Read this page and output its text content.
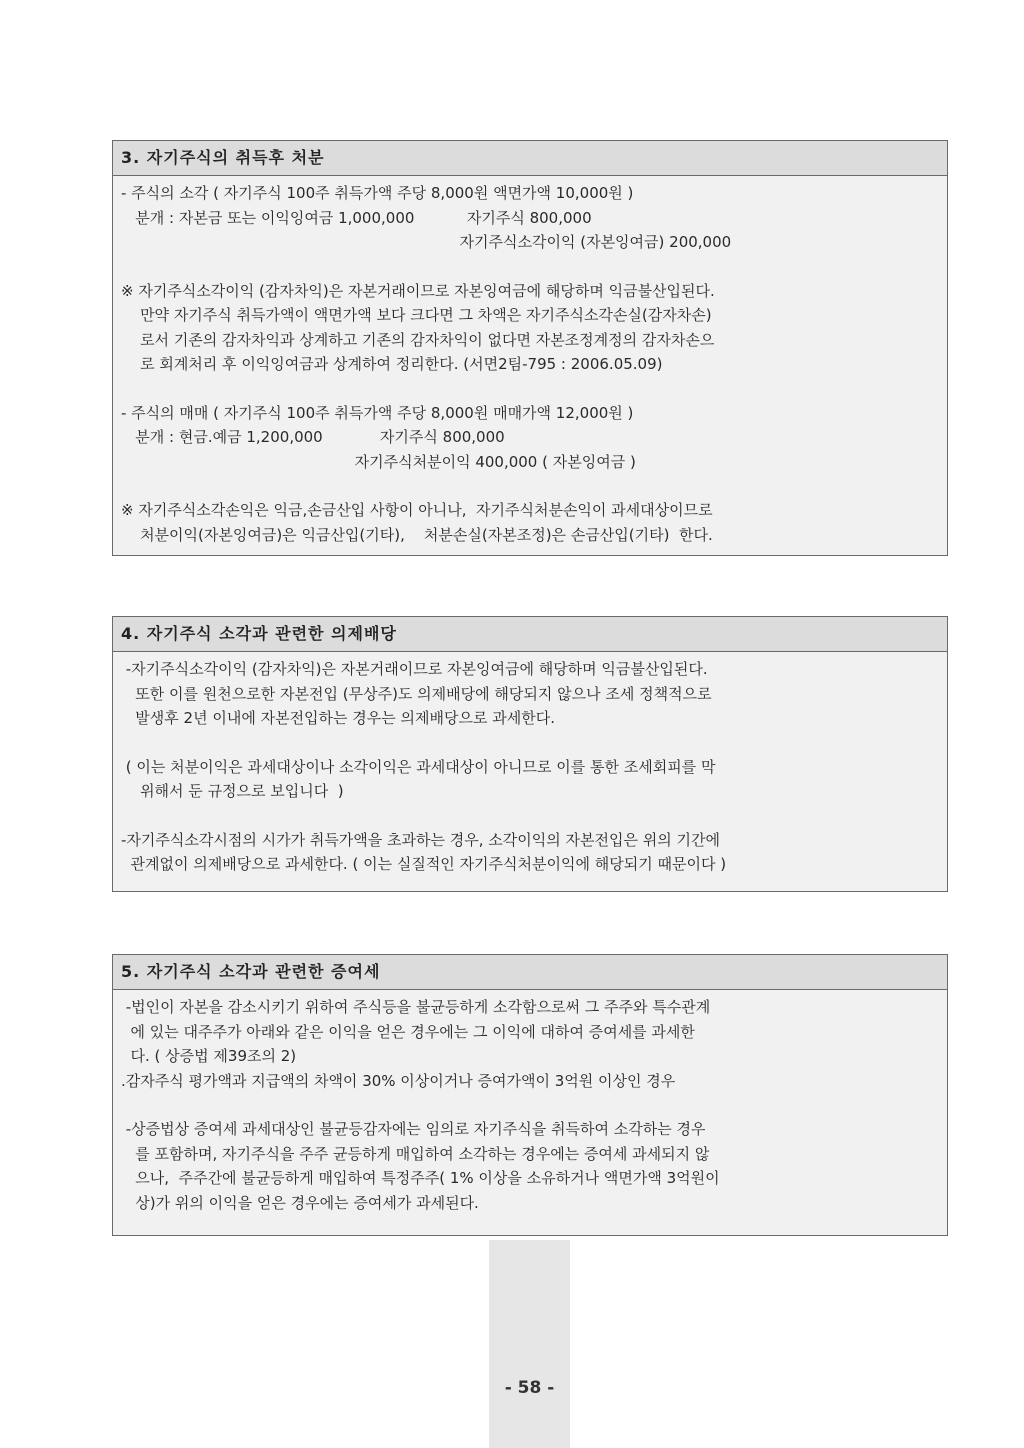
3. 자기주식의 취득후 처분
- 주식의 소각 ( 자기주식 100주 취득가액 주당 8,000원 액면가액 10,000원 )
분개 : 자본금 또는 이익잉여금 1,000,000           자기주식 800,000
자기주식소각이익 (자본잉여금) 200,000
※ 자기주식소각이익 (감자차익)은 자본거래이므로 자본잉여금에 해당하며 익금불산입된다.
만약 자기주식 취득가액이 액면가액 보다 크다면 그 차액은 자기주식소각손실(감자차손)
로서 기존의 감자차익과 상계하고 기존의 감자차익이 없다면 자본조정계정의 감자차손으
로 회계처리 후 이익잉여금과 상계하여 정리한다. (서면2팀-795 : 2006.05.09)
- 주식의 매매 ( 자기주식 100주 취득가액 주당 8,000원 매매가액 12,000원 )
분개 : 현금.예금 1,200,000            자기주식 800,000
자기주식처분이익 400,000 ( 자본잉여금 )
※ 자기주식소각손익은 익금,손금산입 사항이 아니나,  자기주식처분손익이 과세대상이므로
처분이익(자본잉여금)은 익금산입(기타),    처분손실(자본조정)은 손금산입(기타)  한다.
4. 자기주식 소각과 관련한 의제배당
-자기주식소각이익 (감자차익)은 자본거래이므로 자본잉여금에 해당하며 익금불산입된다.
또한 이를 원천으로한 자본전입 (무상주)도 의제배당에 해당되지 않으나 조세 정책적으로
발생후 2년 이내에 자본전입하는 경우는 의제배당으로 과세한다.
( 이는 처분이익은 과세대상이나 소각이익은 과세대상이 아니므로 이를 통한 조세회피를 막
위해서 둔 규정으로 보입니다  )
-자기주식소각시점의 시가가 취득가액을 초과하는 경우, 소각이익의 자본전입은 위의 기간에
관계없이 의제배당으로 과세한다. ( 이는 실질적인 자기주식처분이익에 해당되기 때문이다 )
5. 자기주식 소각과 관련한 증여세
-법인이 자본을 감소시키기 위하여 주식등을 불균등하게 소각함으로써 그 주주와 특수관계
에 있는 대주주가 아래와 같은 이익을 얻은 경우에는 그 이익에 대하여 증여세를 과세한
다. ( 상증법 제39조의 2)
.감자주식 평가액과 지급액의 차액이 30% 이상이거나 증여가액이 3억원 이상인 경우
-상증법상 증여세 과세대상인 불균등감자에는 임의로 자기주식을 취득하여 소각하는 경우
를 포함하며, 자기주식을 주주 균등하게 매입하여 소각하는 경우에는 증여세 과세되지 않
으나,  주주간에 불균등하게 매입하여 특정주주( 1% 이상을 소유하거나 액면가액 3억원이
상)가 위의 이익을 얻은 경우에는 증여세가 과세된다.
- 58 -
